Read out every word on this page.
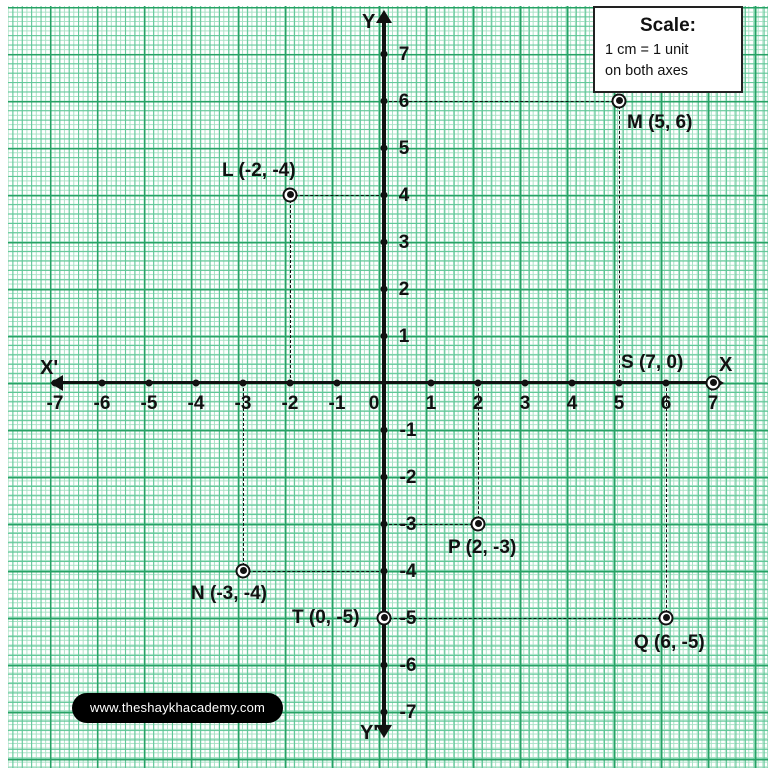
X'	X
Y
Y'
-7 -6 -5 -4 -3 -2 -1 0 1 2 3 4 5 6 7
7
6
5
4
3
2
1
-1
-2
-3
-4
-5
-6
-7
M (5, 6)
L (-2, -4)
S (7, 0)
P (2, -3)
N (-3, -4)
T (0, -5)
Q (6, -5)
Scale:
1 cm = 1 unit
on both axes
www.theshaykhacademy.com
